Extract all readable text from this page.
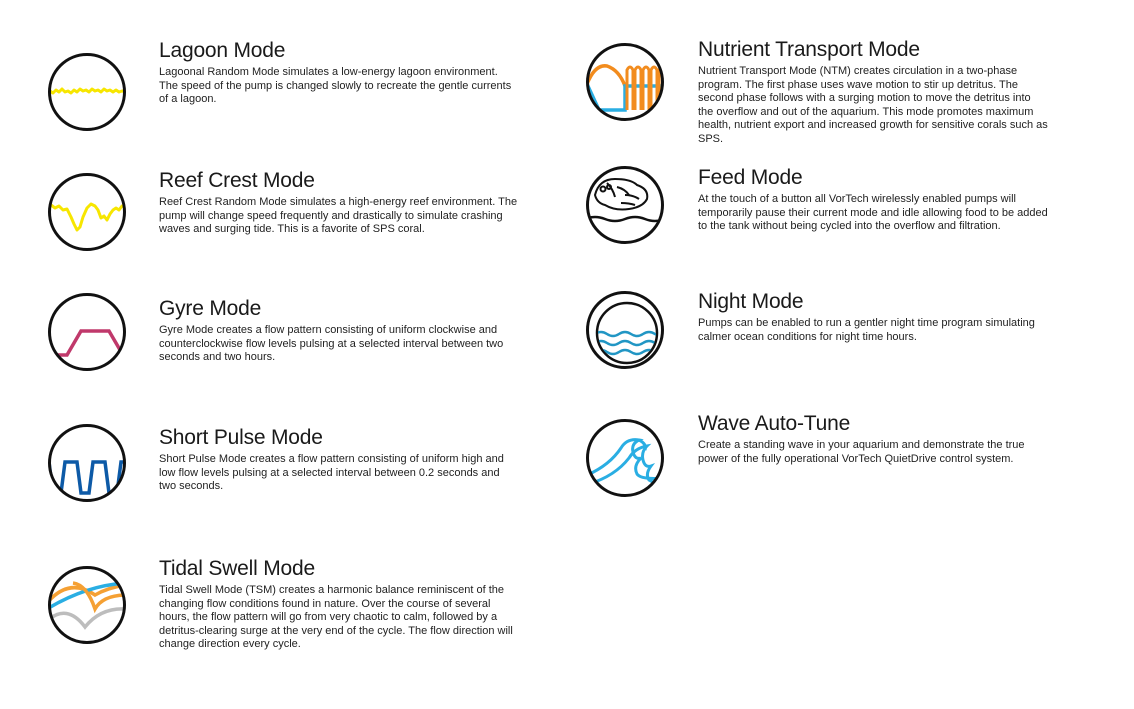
Lagoon Mode

Lagoonal Random Mode simulates a low-energy lagoon environment. The speed of the pump is changed slowly to recreate the gentle currents of a lagoon.

Reef Crest Mode

Reef Crest Random Mode simulates a high-energy reef environment. The pump will change speed frequently and drastically to simulate crashing waves and surging tide. This is a favorite of SPS coral.

Gyre Mode

Gyre Mode creates a flow pattern consisting of uniform clockwise and counterclockwise flow levels pulsing at a selected interval between two seconds and two hours.

Short Pulse Mode

Short Pulse Mode creates a flow pattern consisting of uniform high and low flow levels pulsing at a selected interval between 0.2 seconds and two seconds.

Tidal Swell Mode

Tidal Swell Mode (TSM) creates a harmonic balance reminiscent of the changing flow conditions found in nature. Over the course of several hours, the flow pattern will go from very chaotic to calm, followed by a detritus-clearing surge at the very end of the cycle. The flow direction will change direction every cycle.

Nutrient Transport Mode

Nutrient Transport Mode (NTM) creates circulation in a two-phase program. The first phase uses wave motion to stir up detritus. The second phase follows with a surging motion to move the detritus into the overflow and out of the aquarium. This mode promotes maximum health, nutrient export and increased growth for sensitive corals such as SPS.

Feed Mode

At the touch of a button all VorTech wirelessly enabled pumps will temporarily pause their current mode and idle allowing food to be added to the tank without being cycled into the overflow and filtration.

Night Mode

Pumps can be enabled to run a gentler night time program simulating calmer ocean conditions for night time hours.

Wave Auto-Tune

Create a standing wave in your aquarium and demonstrate the true power of the fully operational VorTech QuietDrive control system.
